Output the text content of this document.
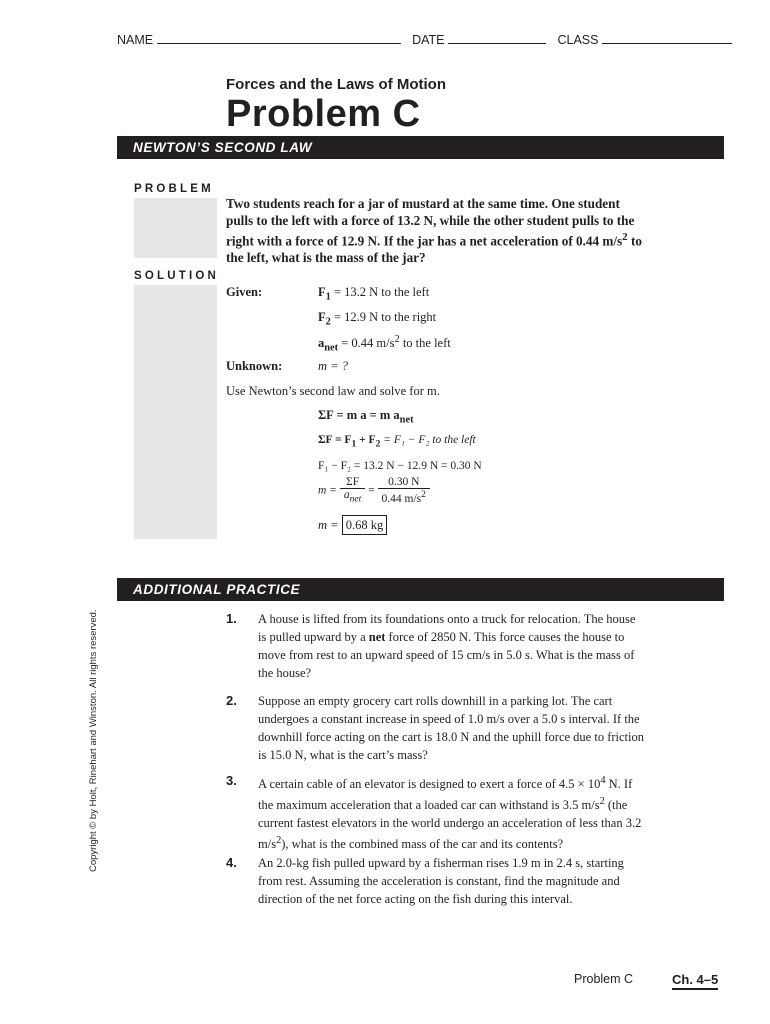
NAME	DATE	CLASS
Forces and the Laws of Motion
Problem C
NEWTON’S SECOND LAW
PROBLEM
Two students reach for a jar of mustard at the same time. One student pulls to the left with a force of 13.2 N, while the other student pulls to the right with a force of 12.9 N. If the jar has a net acceleration of 0.44 $m/s^2$ to the left, what is the mass of the jar?
SOLUTION
Given:	$F_1 = 13.2$ N to the left
$F_2 = 12.9$ N to the right
$a_{net} = 0.44$ $m/s^2$ to the left
Unknown:	m = ?
Use Newton’s second law and solve for m.
ΣF = m a = m $a_{net}$
$\Sigma F = F_1 + F_2 = F_1 - F_2$ to the left
F₁ − F₂ = 13.2 N − 12.9 N = 0.30 N
$m = \frac{\Sigma F}{a_{net}} = \frac{0.30 N}{0.44 m/s^2}$
m = 0.68 kg
ADDITIONAL PRACTICE
1. A house is lifted from its foundations onto a truck for relocation. The house is pulled upward by a net force of 2850 N. This force causes the house to move from rest to an upward speed of 15 cm/s in 5.0 s. What is the mass of the house?
2. Suppose an empty grocery cart rolls downhill in a parking lot. The cart undergoes a constant increase in speed of 1.0 m/s over a 5.0 s interval. If the downhill force acting on the cart is 18.0 N and the uphill force due to friction is 15.0 N, what is the cart’s mass?
3. A certain cable of an elevator is designed to exert a force of $4.5 \times 10^4$ N. If the maximum acceleration that a loaded car can withstand is 3.5 $m/s^2$ (the current fastest elevators in the world undergo an acceleration of less than 3.2 $m/s^2$), what is the combined mass of the car and its contents?
4. An 2.0-kg fish pulled upward by a fisherman rises 1.9 m in 2.4 s, starting from rest. Assuming the acceleration is constant, find the magnitude and direction of the net force acting on the fish during this interval.
Copyright © by Holt, Rinehart and Winston. All rights reserved.
Problem C	Ch. 4–5
